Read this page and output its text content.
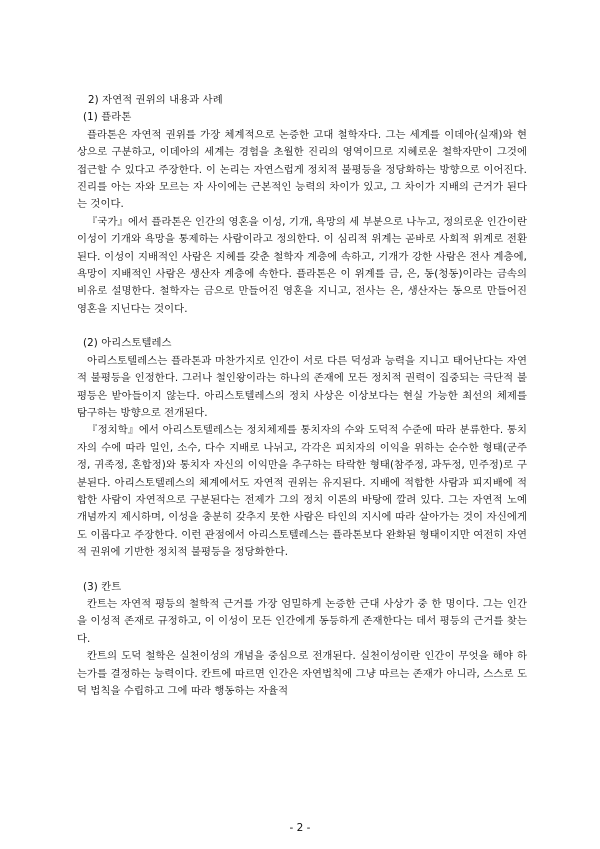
2) 자연적 권위의 내용과 사례

(1) 플라톤

플라톤은 자연적 권위를 가장 체계적으로 논증한 고대 철학자다. 그는 세계를 이데아(실재)와 현상으로 구분하고, 이데아의 세계는 경험을 초월한 진리의 영역이므로 지혜로운 철학자만이 그것에 접근할 수 있다고 주장한다. 이 논리는 자연스럽게 정치적 불평등을 정당화하는 방향으로 이어진다. 진리를 아는 자와 모르는 자 사이에는 근본적인 능력의 차이가 있고, 그 차이가 지배의 근거가 된다는 것이다.

『국가』에서 플라톤은 인간의 영혼을 이성, 기개, 욕망의 세 부분으로 나누고, 정의로운 인간이란 이성이 기개와 욕망을 통제하는 사람이라고 정의한다. 이 심리적 위계는 곧바로 사회적 위계로 전환된다. 이성이 지배적인 사람은 지혜를 갖춘 철학자 계층에 속하고, 기개가 강한 사람은 전사 계층에, 욕망이 지배적인 사람은 생산자 계층에 속한다. 플라톤은 이 위계를 금, 은, 동(청동)이라는 금속의 비유로 설명한다. 철학자는 금으로 만들어진 영혼을 지니고, 전사는 은, 생산자는 동으로 만들어진 영혼을 지닌다는 것이다.

(2) 아리스토텔레스

아리스토텔레스는 플라톤과 마찬가지로 인간이 서로 다른 덕성과 능력을 지니고 태어난다는 자연적 불평등을 인정한다. 그러나 철인왕이라는 하나의 존재에 모든 정치적 권력이 집중되는 극단적 불평등은 받아들이지 않는다. 아리스토텔레스의 정치 사상은 이상보다는 현실 가능한 최선의 체제를 탐구하는 방향으로 전개된다.

『정치학』에서 아리스토텔레스는 정치체제를 통치자의 수와 도덕적 수준에 따라 분류한다. 통치자의 수에 따라 일인, 소수, 다수 지배로 나뉘고, 각각은 피치자의 이익을 위하는 순수한 형태(군주정, 귀족정, 혼합정)와 통치자 자신의 이익만을 추구하는 타락한 형태(참주정, 과두정, 민주정)로 구분된다. 아리스토텔레스의 체계에서도 자연적 권위는 유지된다. 지배에 적합한 사람과 피지배에 적합한 사람이 자연적으로 구분된다는 전제가 그의 정치 이론의 바탕에 깔려 있다. 그는 자연적 노예 개념까지 제시하며, 이성을 충분히 갖추지 못한 사람은 타인의 지시에 따라 살아가는 것이 자신에게도 이롭다고 주장한다. 이런 관점에서 아리스토텔레스는 플라톤보다 완화된 형태이지만 여전히 자연적 권위에 기반한 정치적 불평등을 정당화한다.

(3) 칸트

칸트는 자연적 평등의 철학적 근거를 가장 엄밀하게 논증한 근대 사상가 중 한 명이다. 그는 인간을 이성적 존재로 규정하고, 이 이성이 모든 인간에게 동등하게 존재한다는 데서 평등의 근거를 찾는다.

칸트의 도덕 철학은 실천이성의 개념을 중심으로 전개된다. 실천이성이란 인간이 무엇을 해야 하는가를 결정하는 능력이다. 칸트에 따르면 인간은 자연법칙에 그냥 따르는 존재가 아니라, 스스로 도덕 법칙을 수립하고 그에 따라 행동하는 자율적

- 2 -
